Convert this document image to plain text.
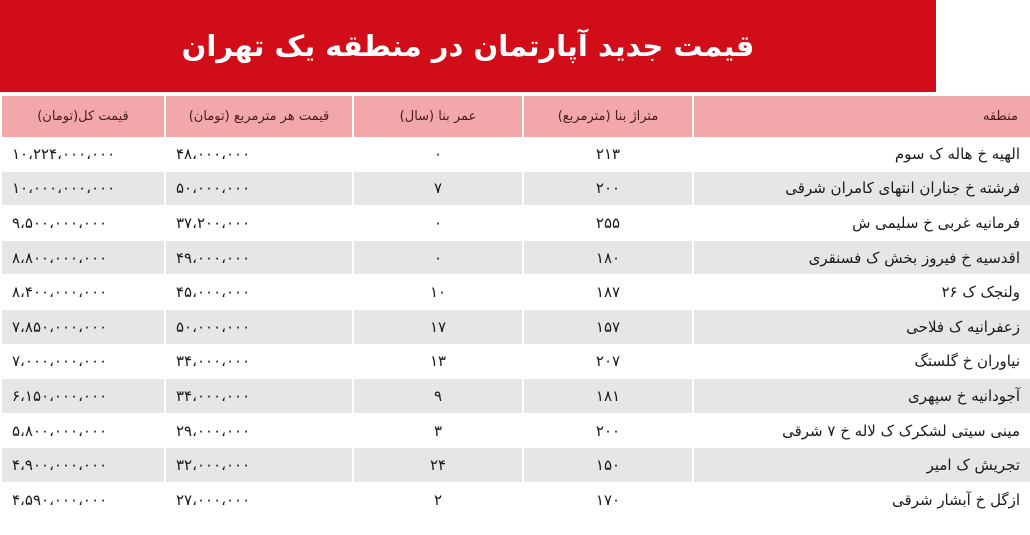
قیمت جدید آپارتمان در منطقه یک تهران
منطقه	متراژ بنا (مترمربع)	عمر بنا (سال)	قیمت هر مترمربع (تومان)	قیمت کل(تومان)
الهیه خ هاله ک سوم	۲۱۳	۰	۴۸،۰۰۰،۰۰۰	۱۰،۲۲۴،۰۰۰،۰۰۰
فرشته خ جناران انتهای کامران شرقی	۲۰۰	۷	۵۰،۰۰۰،۰۰۰	۱۰،۰۰۰،۰۰۰،۰۰۰
فرمانیه غربی خ سلیمی ش	۲۵۵	۰	۳۷،۲۰۰،۰۰۰	۹،۵۰۰،۰۰۰،۰۰۰
اقدسیه خ فیروز بخش ک فسنقری	۱۸۰	۰	۴۹،۰۰۰،۰۰۰	۸،۸۰۰،۰۰۰،۰۰۰
ولنجک ک ۲۶	۱۸۷	۱۰	۴۵،۰۰۰،۰۰۰	۸،۴۰۰،۰۰۰،۰۰۰
زعفرانیه ک فلاحی	۱۵۷	۱۷	۵۰،۰۰۰،۰۰۰	۷،۸۵۰،۰۰۰،۰۰۰
نیاوران خ گلستگ	۲۰۷	۱۳	۳۴،۰۰۰،۰۰۰	۷،۰۰۰،۰۰۰،۰۰۰
آجودانیه خ سپهری	۱۸۱	۹	۳۴،۰۰۰،۰۰۰	۶،۱۵۰،۰۰۰،۰۰۰
مینی سیتی لشکرک ک لاله خ ۷ شرقی	۲۰۰	۳	۲۹،۰۰۰،۰۰۰	۵،۸۰۰،۰۰۰،۰۰۰
تجریش ک امیر	۱۵۰	۲۴	۳۲،۰۰۰،۰۰۰	۴،۹۰۰،۰۰۰،۰۰۰
ازگل خ آبشار شرقی	۱۷۰	۲	۲۷،۰۰۰،۰۰۰	۴،۵۹۰،۰۰۰،۰۰۰
